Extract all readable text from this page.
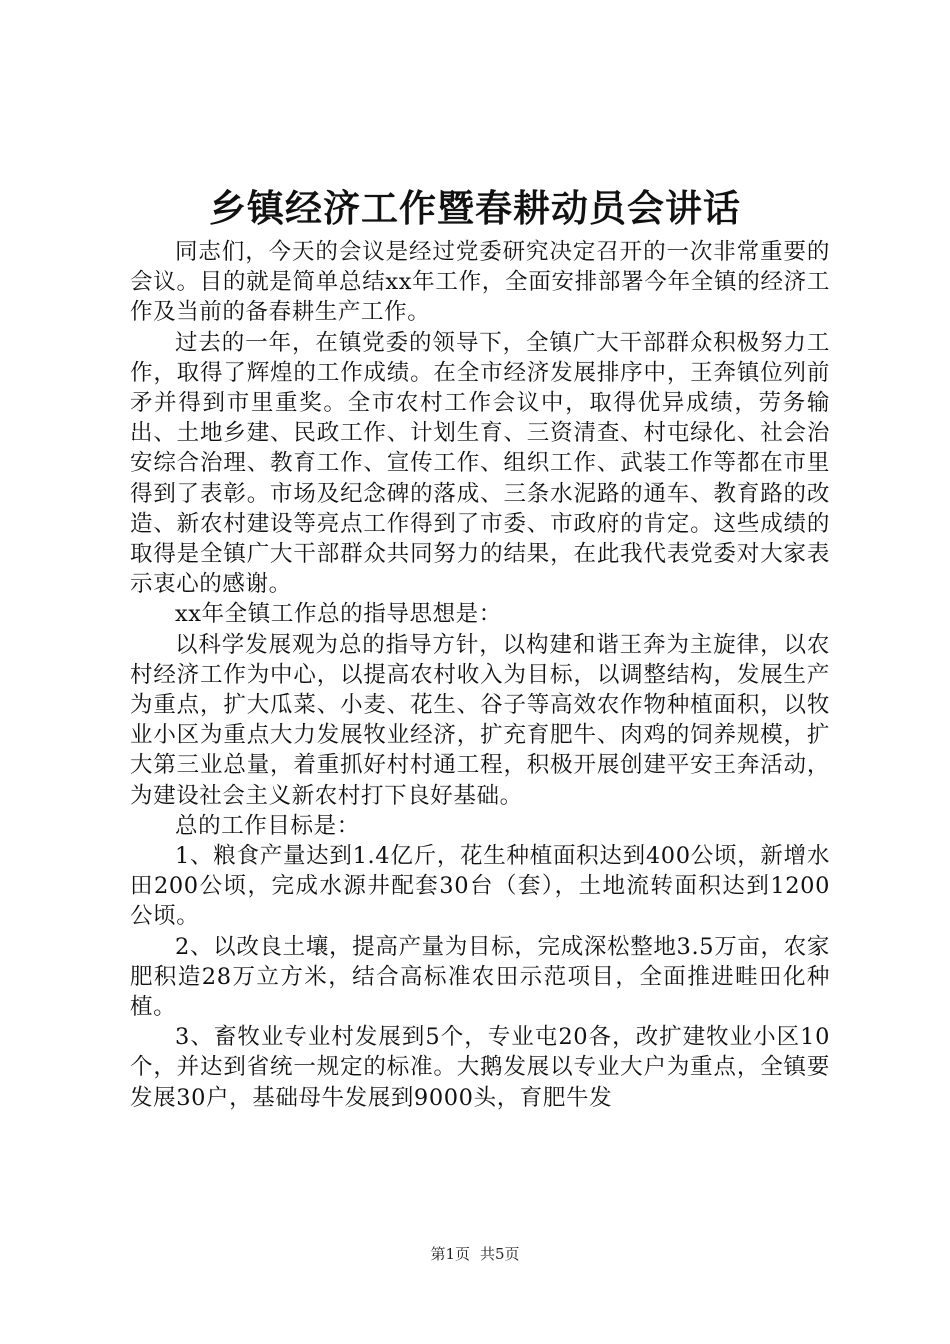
乡镇经济工作暨春耕动员会讲话

同志们，今天的会议是经过党委研究决定召开的一次非常重要的会议。目的就是简单总结xx年工作，全面安排部署今年全镇的经济工作及当前的备春耕生产工作。

过去的一年，在镇党委的领导下，全镇广大干部群众积极努力工作，取得了辉煌的工作成绩。在全市经济发展排序中，王奔镇位列前矛并得到市里重奖。全市农村工作会议中，取得优异成绩，劳务输出、土地乡建、民政工作、计划生育、三资清查、村屯绿化、社会治安综合治理、教育工作、宣传工作、组织工作、武装工作等都在市里得到了表彰。市场及纪念碑的落成、三条水泥路的通车、教育路的改造、新农村建设等亮点工作得到了市委、市政府的肯定。这些成绩的取得是全镇广大干部群众共同努力的结果，在此我代表党委对大家表示衷心的感谢。

xx年全镇工作总的指导思想是：

以科学发展观为总的指导方针，以构建和谐王奔为主旋律，以农村经济工作为中心，以提高农村收入为目标，以调整结构，发展生产为重点，扩大瓜菜、小麦、花生、谷子等高效农作物种植面积，以牧业小区为重点大力发展牧业经济，扩充育肥牛、肉鸡的饲养规模，扩大第三业总量，着重抓好村村通工程，积极开展创建平安王奔活动，为建设社会主义新农村打下良好基础。

总的工作目标是：

1、粮食产量达到1.4亿斤，花生种植面积达到400公顷，新增水田200公顷，完成水源井配套30台（套），土地流转面积达到1200公顷。

2、以改良土壤，提高产量为目标，完成深松整地3.5万亩，农家肥积造28万立方米，结合高标准农田示范项目，全面推进畦田化种植。

3、畜牧业专业村发展到5个，专业屯20各，改扩建牧业小区10个，并达到省统一规定的标准。大鹅发展以专业大户为重点，全镇要发展30户，基础母牛发展到9000头，育肥牛发

第1页 共5页
